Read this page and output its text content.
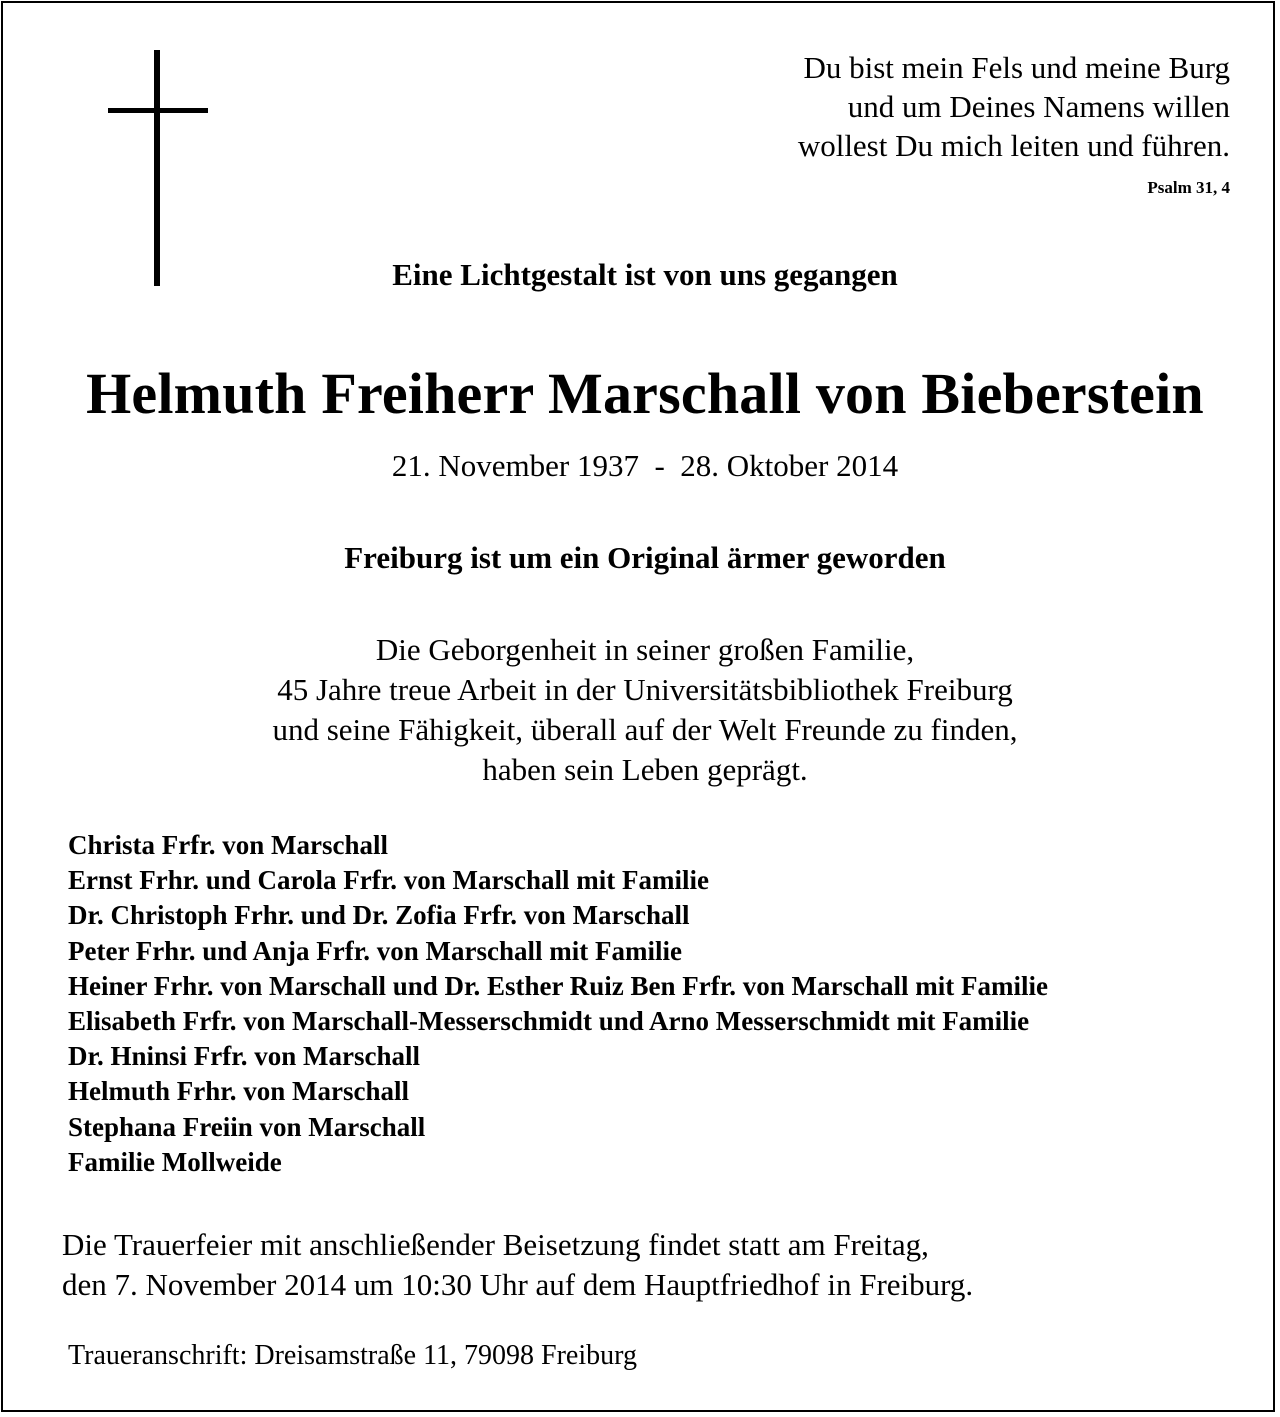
Du bist mein Fels und meine Burg
und um Deines Namens willen
wollest Du mich leiten und führen.
Psalm 31, 4
Eine Lichtgestalt ist von uns gegangen
Helmuth Freiherr Marschall von Bieberstein
21. November 1937  -  28. Oktober 2014
Freiburg ist um ein Original ärmer geworden
Die Geborgenheit in seiner großen Familie,
45 Jahre treue Arbeit in der Universitätsbibliothek Freiburg
und seine Fähigkeit, überall auf der Welt Freunde zu finden,
haben sein Leben geprägt.
Christa Frfr. von Marschall
Ernst Frhr. und Carola Frfr. von Marschall mit Familie
Dr. Christoph Frhr. und Dr. Zofia Frfr. von Marschall
Peter Frhr. und Anja Frfr. von Marschall mit Familie
Heiner Frhr. von Marschall und Dr. Esther Ruiz Ben Frfr. von Marschall mit Familie
Elisabeth Frfr. von Marschall-Messerschmidt und Arno Messerschmidt mit Familie
Dr. Hninsi Frfr. von Marschall
Helmuth Frhr. von Marschall
Stephana Freiin von Marschall
Familie Mollweide
Die Trauerfeier mit anschließender Beisetzung findet statt am Freitag,
den 7. November 2014 um 10:30 Uhr auf dem Hauptfriedhof in Freiburg.
Traueranschrift: Dreisamstraße 11, 79098 Freiburg
